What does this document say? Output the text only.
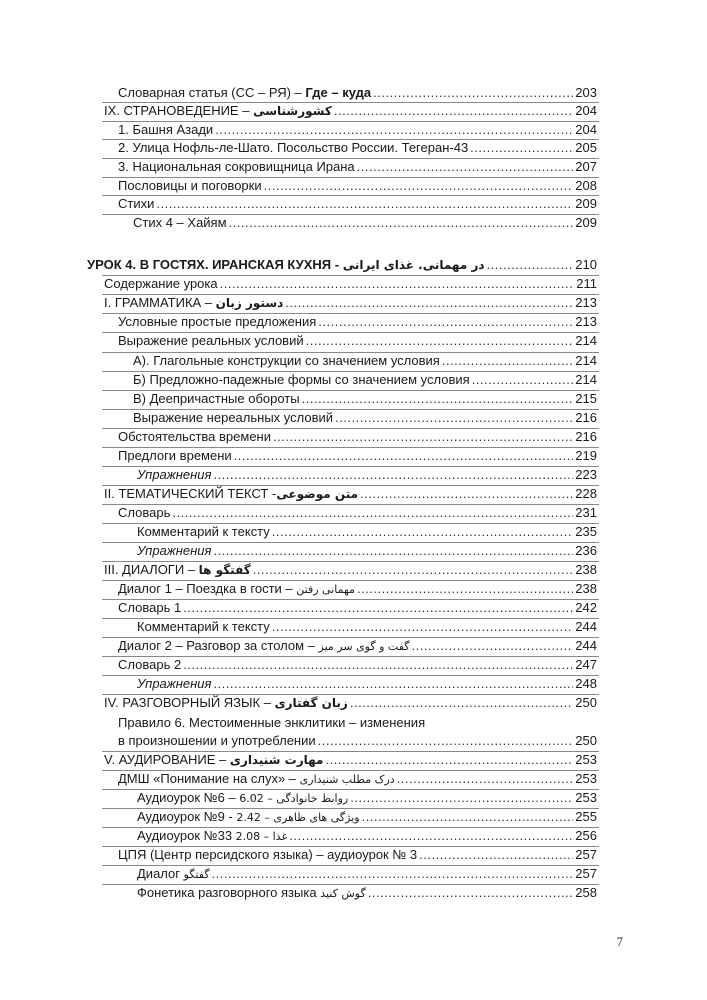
Словарная статья (СС – РЯ) – Где – куда .....	203
IX. СТРАНОВЕДЕНИЕ – کشورشناسی .....	204
1. Башня Азади .....	204
2. Улица Нофль-ле-Шато. Посольство России. Тегеран-43 .....	205
3. Национальная сокровищница Ирана .....	207
Пословицы и поговорки .....	208
Стихи .....	209
Стих 4 – Хайям .....	209
УРОК 4. В ГОСТЯХ. ИРАНСКАЯ КУХНЯ - در مهمانی. غذای ایرانی .....	210
Содержание урока .....	211
I. ГРАММАТИКА – دستور زبان .....	213
Условные простые предложения .....	213
Выражение реальных условий .....	214
А). Глагольные конструкции со значением условия .....	214
Б) Предложно-падежные формы со значением условия .....	214
В) Деепричастные обороты .....	215
Выражение нереальных условий .....	216
Обстоятельства времени .....	216
Предлоги времени .....	219
Упражнения .....	223
II. ТЕМАТИЧЕСКИЙ ТЕКСТ -متن موضوعی .....	228
Словарь .....	231
Комментарий к тексту .....	235
Упражнения .....	236
III. ДИАЛОГИ – گفتگو ها .....	238
Диалог 1 – Поездка в гости – مهمانی رفتن .....	238
Словарь 1 .....	242
Комментарий к тексту .....	244
Диалог 2 – Разговор за столом – گفت و گوی سر میز .....	244
Словарь 2 .....	247
Упражнения .....	248
IV. РАЗГОВОРНЫЙ ЯЗЫК – زبان گفتاری .....	250
Правило 6. Местоименные энклитики – изменения
в произношении и употреблении .....	250
V. АУДИРОВАНИЕ – مهارت شنیداری .....	253
ДМШ «Понимание на слух» – درک مطلب شنیداری .....	253
Аудиоурок №6 – روابط خانوادگی – 6.02 .....	253
Аудиоурок №9 - ویژگی های ظاهری – 2.42 .....	255
Аудиоурок №33 غذا – 2.08 .....	256
ЦПЯ (Центр персидского языка) – аудиоурок № 3 .....	257
Диалог گفتگو .....	257
Фонетика разговорного языка گوش کنید .....	258
7
